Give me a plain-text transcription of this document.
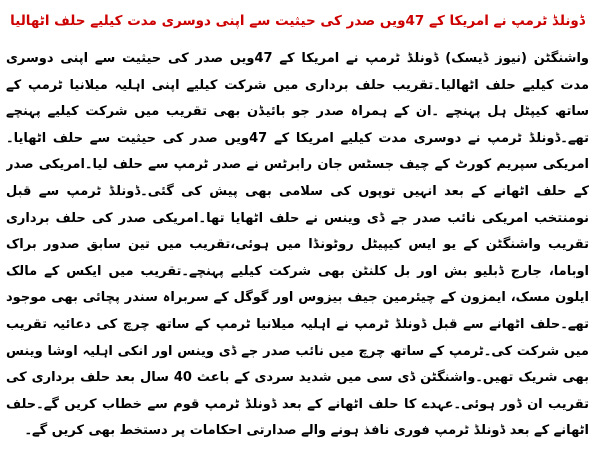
ڈونلڈ ٹرمپ نے امریکا کے 47ویں صدر کی حیثیت سے اپنی دوسری مدت کیلیے حلف اٹھالیا

واشنگٹن (نیوز ڈیسک) ڈونلڈ ٹرمپ نے امریکا کے 47ویں صدر کی حیثیت سے اپنی دوسری مدت کیلیے حلف اٹھالیا۔تقریب حلف برداری میں شرکت کیلیے اپنی اہلیہ میلانیا ٹرمپ کے ساتھ کیپٹل ہل پہنچے ۔ان کے ہمراہ صدر جو بائیڈن بھی تقریب میں شرکت کیلیے پہنچے تھے۔ڈونلڈ ٹرمپ نے دوسری مدت کیلیے امریکا کے 47ویں صدر کی حیثیت سے حلف اٹھایا۔امریکی سپریم کورٹ کے چیف جسٹس جان رابرٹس نے صدر ٹرمپ سے حلف لیا۔امریکی صدر کے حلف اٹھانے کے بعد انہیں توپوں کی سلامی بھی پیش کی گئی۔ڈونلڈ ٹرمپ سے قبل نومنتخب امریکی نائب صدر جے ڈی وینس نے حلف اٹھایا تھا۔امریکی صدر کی حلف برداری تقریب واشنگٹن کے یو ایس کیپیٹل روٹونڈا میں ہوئی،تقریب میں تین سابق صدور براک اوباما، جارج ڈبلیو بش اور بل کلنٹن بھی شرکت کیلیے پہنچے۔تقریب میں ایکس کے مالک ایلون مسک، ایمزون کے چیئرمین جیف بیزوس اور گوگل کے سربراہ سندر پچائی بھی موجود تھے۔حلف اٹھانے سے قبل ڈونلڈ ٹرمپ نے اہلیہ میلانیا ٹرمپ کے ساتھ چرچ کی دعائیہ تقریب میں شرکت کی۔ٹرمپ کے ساتھ چرچ میں نائب صدر جے ڈی وینس اور انکی اہلیہ اوشا وینس بھی شریک تھیں۔واشنگٹن ڈی سی میں شدید سردی کے باعث 40 سال بعد حلف برداری کی تقریب ان ڈور ہوئی۔عہدے کا حلف اٹھانے کے بعد ڈونلڈ ٹرمپ قوم سے خطاب کریں گے۔حلف اٹھانے کے بعد ڈونلڈ ٹرمپ فوری نافذ ہونے والے صدارتی احکامات پر دستخط بھی کریں گے۔
